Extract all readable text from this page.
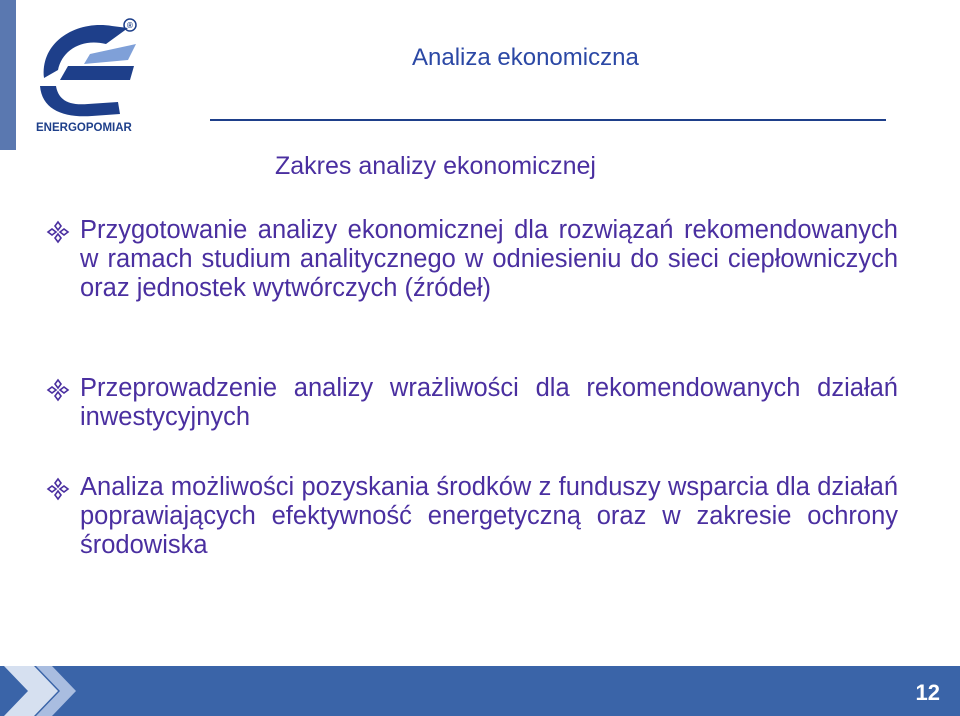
®
ENERGOPOMIAR
Analiza ekonomiczna
Zakres analizy ekonomicznej
Przygotowanie analizy ekonomicznej dla rozwiązań rekomendowanych w ramach studium analitycznego w odniesieniu do sieci ciepłowniczych oraz jednostek wytwórczych (źródeł)
Przeprowadzenie analizy wrażliwości dla rekomendowanych działań inwestycyjnych
Analiza możliwości pozyskania środków z funduszy wsparcia dla działań poprawiających efektywność energetyczną oraz w zakresie ochrony środowiska
12
